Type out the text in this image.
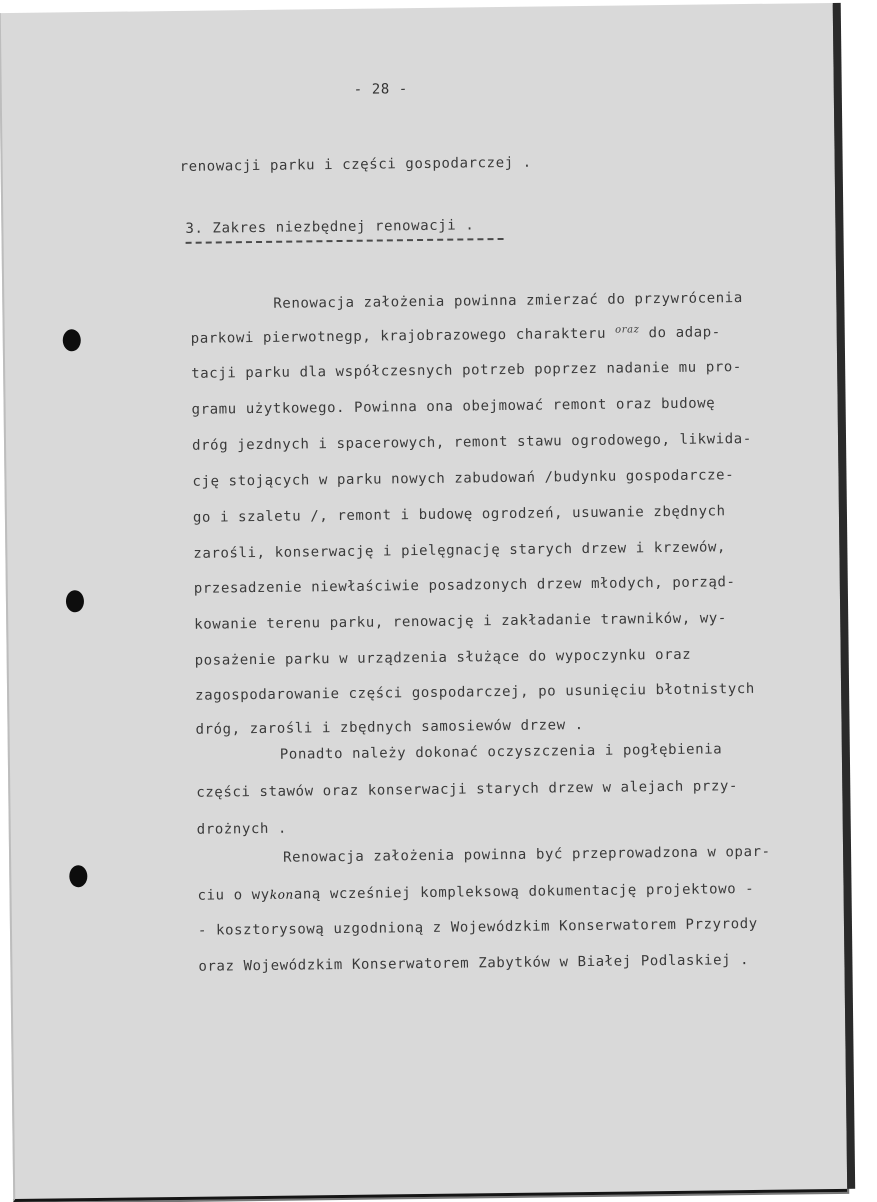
- 28 -
renowacji parku i części gospodarczej .
3. Zakres niezbędnej renowacji .
Renowacja założenia powinna zmierzać do przywrócenia
parkowi pierwotnegp, krajobrazowego charakteru $^{oraz}$ do adap-
tacji parku dla współczesnych potrzeb poprzez nadanie mu pro-
gramu użytkowego. Powinna ona obejmować remont oraz budowę
dróg jezdnych i spacerowych, remont stawu ogrodowego, likwida-
cję stojących w parku nowych zabudowań /budynku gospodarcze-
go i szaletu /, remont i budowę ogrodzeń, usuwanie zbędnych
zarośli, konserwację i pielęgnację starych drzew i krzewów,
przesadzenie niewłaściwie posadzonych drzew młodych, porząd-
kowanie terenu parku, renowację i zakładanie trawników, wy-
posażenie parku w urządzenia służące do wypoczynku oraz
zagospodarowanie części gospodarczej, po usunięciu błotnistych
dróg, zarośli i zbędnych samosiewów drzew .
Ponadto należy dokonać oczyszczenia i pogłębienia
części stawów oraz konserwacji starych drzew w alejach przy-
drożnych .
Renowacja założenia powinna być przeprowadzona w opar-
ciu o wykonaną wcześniej kompleksową dokumentację projektowo -
- kosztorysową uzgodnioną z Wojewódzkim Konserwatorem Przyrody
oraz Wojewódzkim Konserwatorem Zabytków w Białej Podlaskiej .
